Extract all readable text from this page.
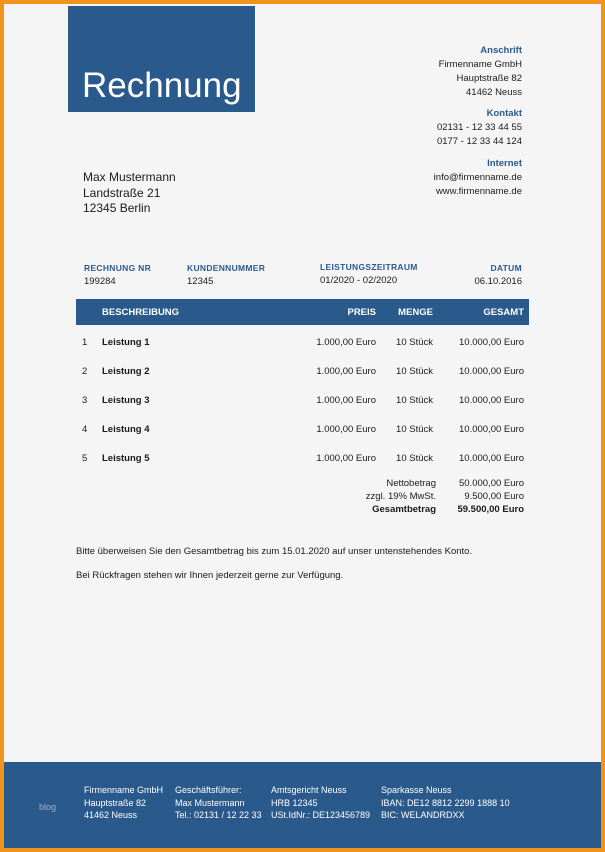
Rechnung
Anschrift
Firmenname GmbH
Hauptstraße 82
41462 Neuss
Kontakt
02131 - 12 33 44 55
0177 - 12 33 44 124
Internet
info@firmenname.de
www.firmenname.de
Max Mustermann
Landstraße 21
12345 Berlin
RECHNUNG NR
199284
KUNDENNUMMER
12345
LEISTUNGSZEITRAUM
01/2020 - 02/2020
DATUM
06.10.2016
BESCHREIBUNG	PREIS MENGE	GESAMT
1 Leistung 1	1.000,00 Euro 10 Stück	10.000,00 Euro
2 Leistung 2	1.000,00 Euro 10 Stück	10.000,00 Euro
3 Leistung 3	1.000,00 Euro 10 Stück	10.000,00 Euro
4 Leistung 4	1.000,00 Euro 10 Stück	10.000,00 Euro
5 Leistung 5	1.000,00 Euro 10 Stück	10.000,00 Euro
Nettobetrag 50.000,00 Euro
zzgl. 19% MwSt.	9.500,00 Euro
Gesamtbetrag 59.500,00 Euro
Bitte überweisen Sie den Gesamtbetrag bis zum 15.01.2020 auf unser untenstehendes Konto.
Bei Rückfragen stehen wir Ihnen jederzeit gerne zur Verfügung.
blog
Firmenname GmbH
Hauptstraße 82
41462 Neuss
Geschäftsführer:
Max Mustermann
Tel.: 02131 / 12 22 33
Amtsgericht Neuss
HRB 12345
USt.IdNr.: DE123456789
Sparkasse Neuss
IBAN: DE12 8812 2299 1888 10
BIC: WELANDRDXX
